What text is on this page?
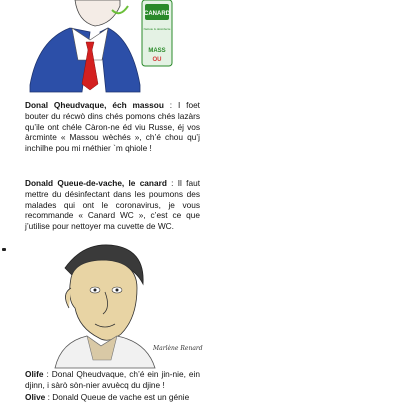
CANARD
Nettoie & désinfecte
MASS
OU

Donal Qheudvaque, éch massou : I foet bouter du récwò dins chés pomons chés lazàrs qu’ile ont chéle Càron-ne éd viu Russe, éj vos àrcminte « Massou wèchés », ch’é chou qu’j inchilhe pou mi rnéthier `m qhiole !

Donald Queue-de-vache, le canard : Il faut mettre du désinfectant dans les poumons des malades qui ont le coronavirus, je vous recommande « Canard WC », c’est ce que j’utilise pour nettoyer ma cuvette de WC.

Marlène Renard

Olife : Donal Qheudvaque, ch’é ein jin-nie, ein djinn, i sàrò sòn-nier avuècq du djine !

Olive : Donald Queue de vache est un génie
